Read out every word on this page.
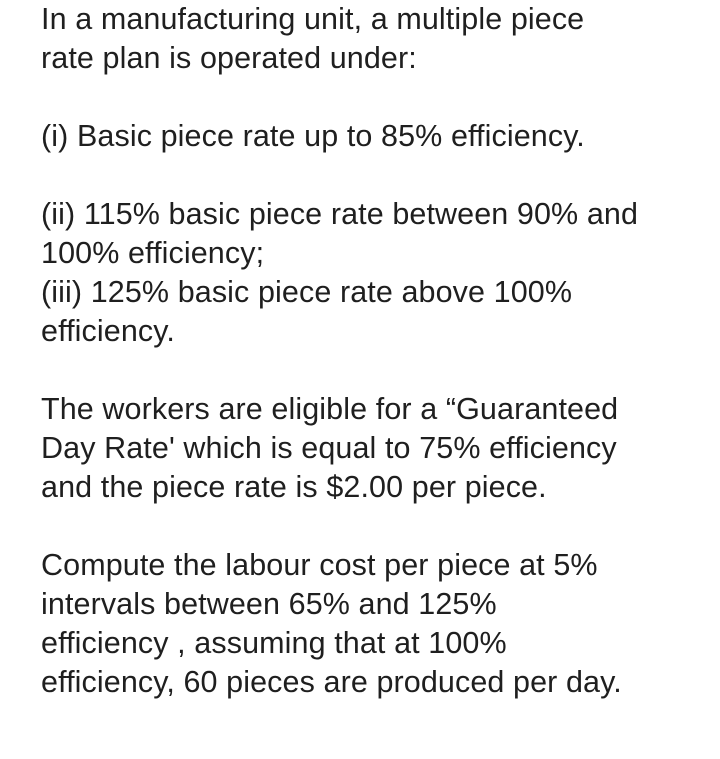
In a manufacturing unit, a multiple piece
rate plan is operated under:
(i) Basic piece rate up to 85% efficiency.
(ii) 115% basic piece rate between 90% and
100% efficiency;
(iii) 125% basic piece rate above 100%
efficiency.
The workers are eligible for a “Guaranteed
Day Rate' which is equal to 75% efficiency
and the piece rate is $2.00 per piece.
Compute the labour cost per piece at 5%
intervals between 65% and 125%
efficiency , assuming that at 100%
efficiency, 60 pieces are produced per day.
